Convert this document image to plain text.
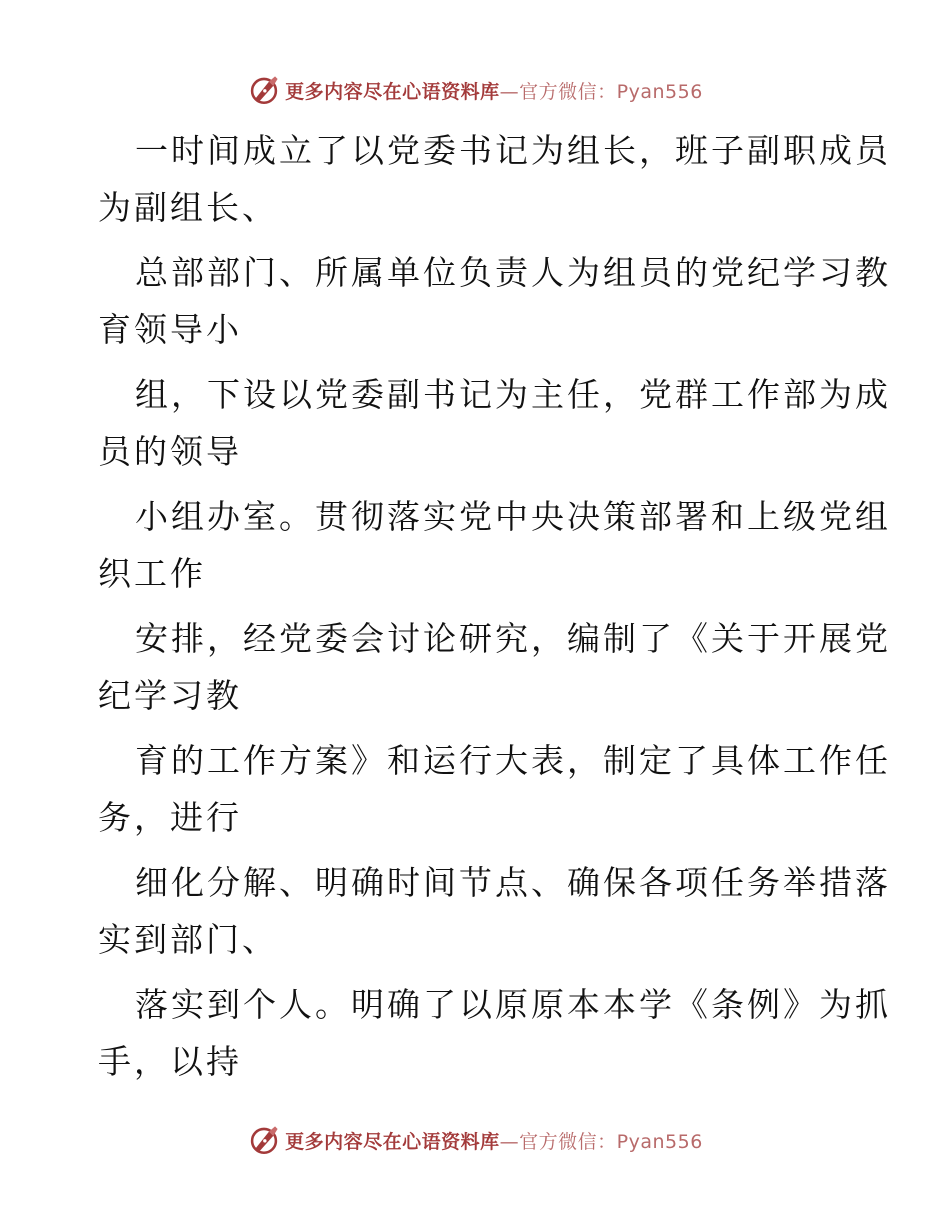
更多内容尽在心语资料库—官方微信：Pyan556
一时间成立了以党委书记为组长，班子副职成员
为副组长、
总部部门、所属单位负责人为组员的党纪学习教
育领导小
组，下设以党委副书记为主任，党群工作部为成
员的领导
小组办室。贯彻落实党中央决策部署和上级党组
织工作
安排，经党委会讨论研究，编制了《关于开展党
纪学习教
育的工作方案》和运行大表，制定了具体工作任
务，进行
细化分解、明确时间节点、确保各项任务举措落
实到部门、
落实到个人。明确了以原原本本学《条例》为抓
手，以持
更多内容尽在心语资料库—官方微信：Pyan556
